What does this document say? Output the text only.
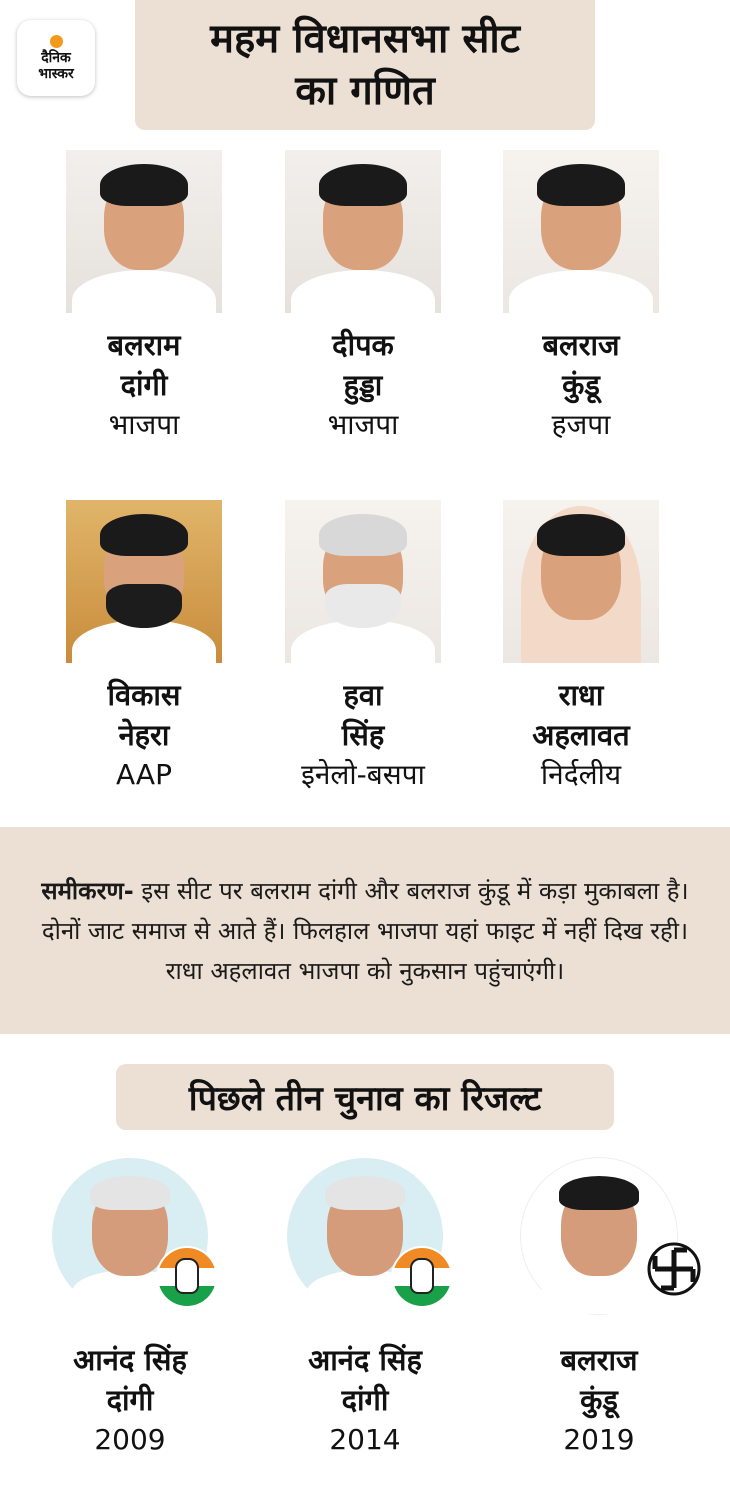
दैनिक
भास्कर
महम विधानसभा सीट
का गणित
बलराम
दांगी
भाजपा
दीपक
हुड्डा
भाजपा
बलराज
कुंडू
हजपा
विकास
नेहरा
AAP
हवा
सिंह
इनेलो-बसपा
राधा
अहलावत
निर्दलीय
समीकरण- इस सीट पर बलराम दांगी और बलराज कुंडू में कड़ा मुकाबला है। दोनों जाट समाज से आते हैं। फिलहाल भाजपा यहां फाइट में नहीं दिख रही। राधा अहलावत भाजपा को नुकसान पहुंचाएंगी।
पिछले तीन चुनाव का रिजल्ट
आनंद सिंह
दांगी
2009
आनंद सिंह
दांगी
2014
बलराज
कुंडू
2019
